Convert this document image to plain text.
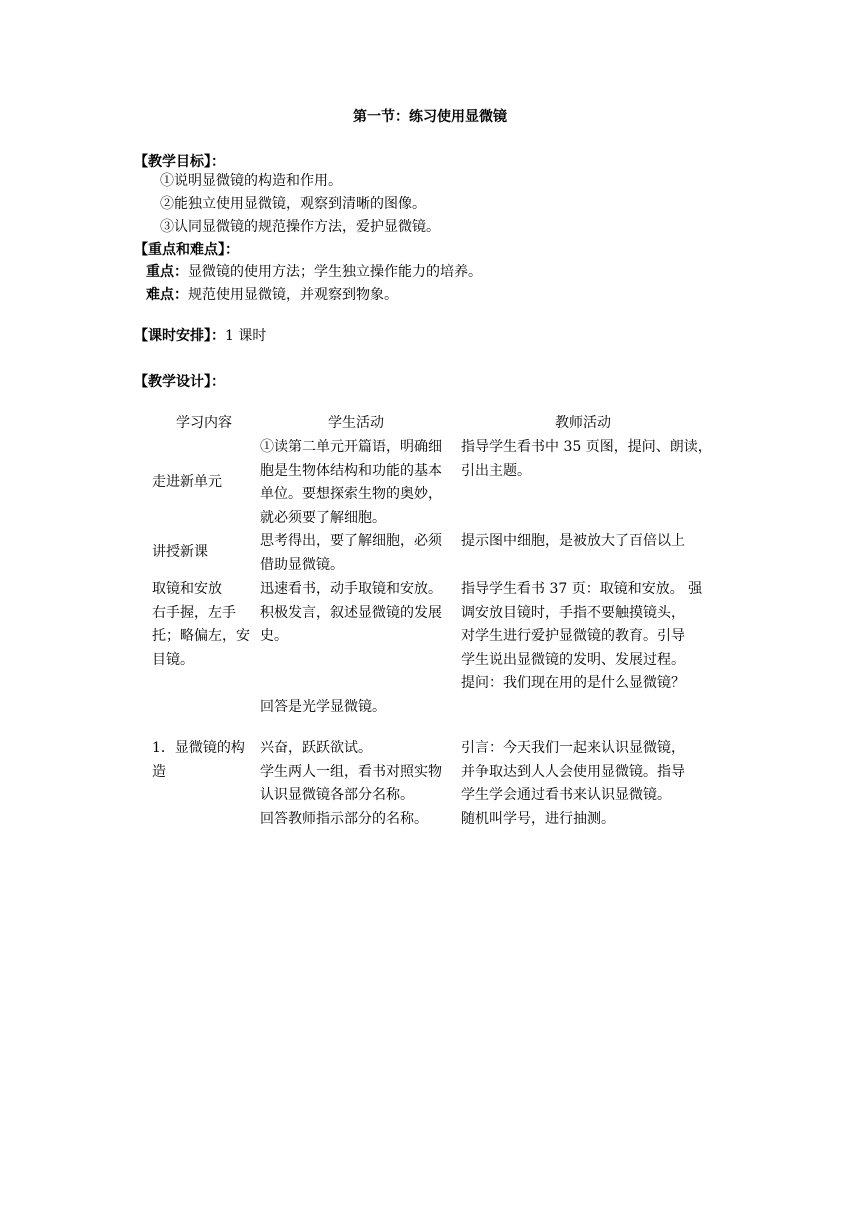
第一节：练习使用显微镜
【教学目标】：
①说明显微镜的构造和作用。
②能独立使用显微镜，观察到清晰的图像。
③认同显微镜的规范操作方法，爱护显微镜。
【重点和难点】：
重点：显微镜的使用方法；学生独立操作能力的培养。
难点：规范使用显微镜，并观察到物象。
【课时安排】：1 课时
【教学设计】：
学习内容	学生活动	教师活动

走进新单元

①读第二单元开篇语，明确细

胞是生物体结构和功能的基本

单位。要想探索生物的奥妙，

就必须要了解细胞。

指导学生看书中 35 页图，提问、朗读，

引出主题。

讲授新课

思考得出，要了解细胞，必须

借助显微镜。

提示图中细胞，是被放大了百倍以上

取镜和安放

右手握，左手

托；略偏左，安

目镜。

迅速看书，动手取镜和安放。

积极发言，叙述显微镜的发展

史。

回答是光学显微镜。

指导学生看书 37 页：取镜和安放。 强

调安放目镜时，手指不要触摸镜头，

对学生进行爱护显微镜的教育。引导

学生说出显微镜的发明、发展过程。

提问：我们现在用的是什么显微镜？

1．显微镜的构

造

兴奋，跃跃欲试。

学生两人一组，看书对照实物

认识显微镜各部分名称。

回答教师指示部分的名称。

引言：今天我们一起来认识显微镜，

并争取达到人人会使用显微镜。指导

学生学会通过看书来认识显微镜。

随机叫学号，进行抽测。
